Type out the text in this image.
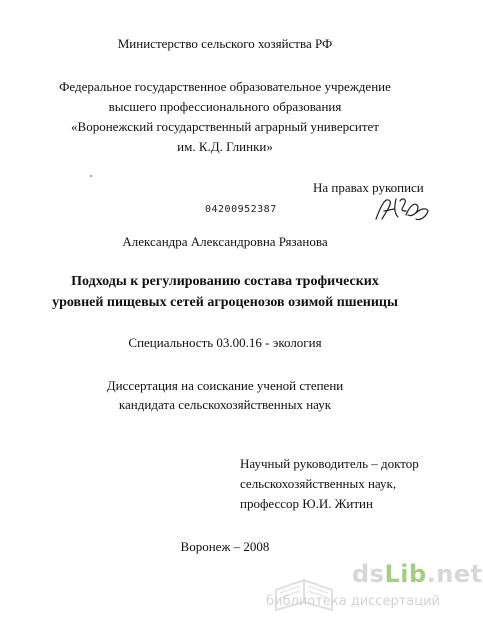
Министерство сельского хозяйства РФ
Федеральное государственное образовательное учреждение
высшего профессионального образования
«Воронежский государственный аграрный университет
им. К.Д. Глинки»
На правах рукописи
04200952387
Александра Александровна Рязанова
Подходы к регулированию состава трофических
уровней пищевых сетей агроценозов озимой пшеницы
Специальность 03.00.16 - экология
Диссертация на соискание ученой степени
кандидата сельскохозяйственных наук
Научный руководитель – доктор
сельскохозяйственных наук,
профессор Ю.И. Житин
Воронеж – 2008
dsLib.net
библиотека диссертаций
